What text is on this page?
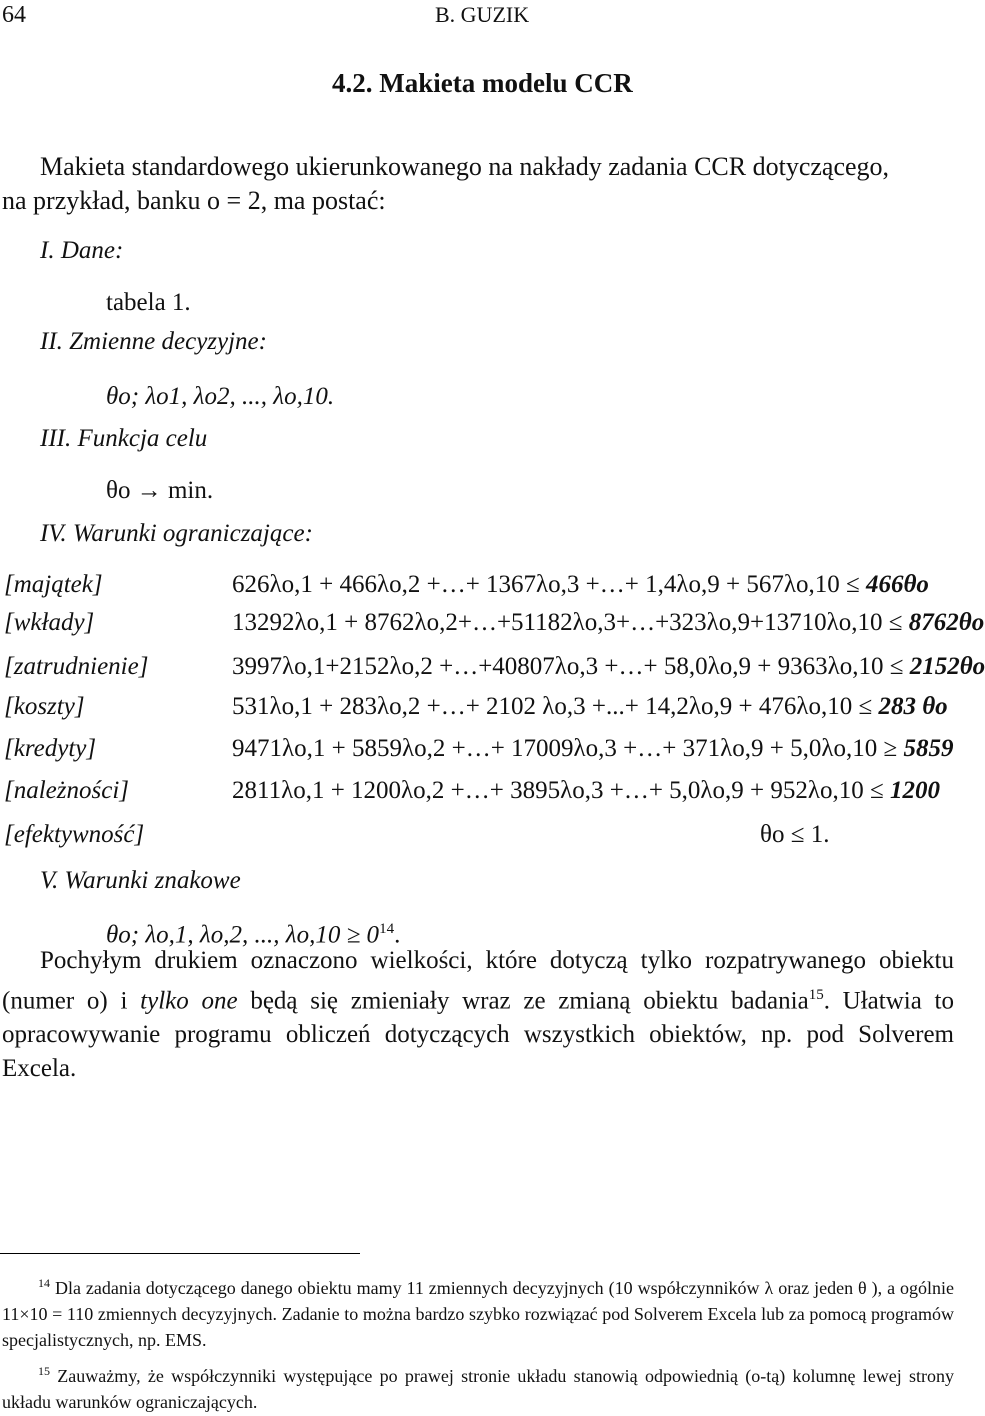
64	B. GUZIK
4.2. Makieta modelu CCR
Makieta standardowego ukierunkowanego na nakłady zadania CCR dotyczącego,
na przykład, banku o = 2, ma postać:
I. Dane:
tabela 1.
II. Zmienne decyzyjne:
θo; λo1, λo2, ..., λo,10.
III. Funkcja celu
θo → min.
IV. Warunki ograniczające:
[majątek]	626λo,1 + 466λo,2 +…+ 1367λo,3 +…+ 1,4λo,9 + 567λo,10 ≤ 466θo
[wkłady]	13292λo,1 + 8762λo,2+…+51182λo,3+…+323λo,9+13710λo,10 ≤ 8762θo
[zatrudnienie]	3997λo,1+2152λo,2 +…+40807λo,3 +…+ 58,0λo,9 + 9363λo,10 ≤ 2152θo
[koszty]	531λo,1 + 283λo,2 +…+ 2102 λo,3 +...+ 14,2λo,9 + 476λo,10 ≤ 283 θo
[kredyty]	9471λo,1 + 5859λo,2 +…+ 17009λo,3 +…+ 371λo,9 + 5,0λo,10 ≥ 5859
[należności]	2811λo,1 + 1200λo,2 +…+ 3895λo,3 +…+ 5,0λo,9 + 952λo,10 ≤ 1200
[efektywność]	θo ≤ 1.
V. Warunki znakowe
θo; λo,1, λo,2, ..., $\lambda o,10 \ge 0^{14}$.

Pochyłym drukiem oznaczono wielkości, które dotyczą tylko rozpatrywanego obiektu (numer o) i tylko one będą się zmieniały wraz ze zmianą obiektu badania$^{15}$. Ułatwia to opracowywanie programu obliczeń dotyczących wszystkich obiektów, np. pod Solverem Excela.

$^{14}$ Dla zadania dotyczącego danego obiektu mamy 11 zmiennych decyzyjnych (10 współczynników λ oraz jeden θ ), a ogólnie 11×10 = 110 zmiennych decyzyjnych. Zadanie to można bardzo szybko rozwiązać pod Solverem Excela lub za pomocą programów specjalistycznych, np. EMS.

$^{15}$ Zauważmy, że współczynniki występujące po prawej stronie układu stanowią odpowiednią (o-tą) kolumnę lewej strony układu warunków ograniczających.
